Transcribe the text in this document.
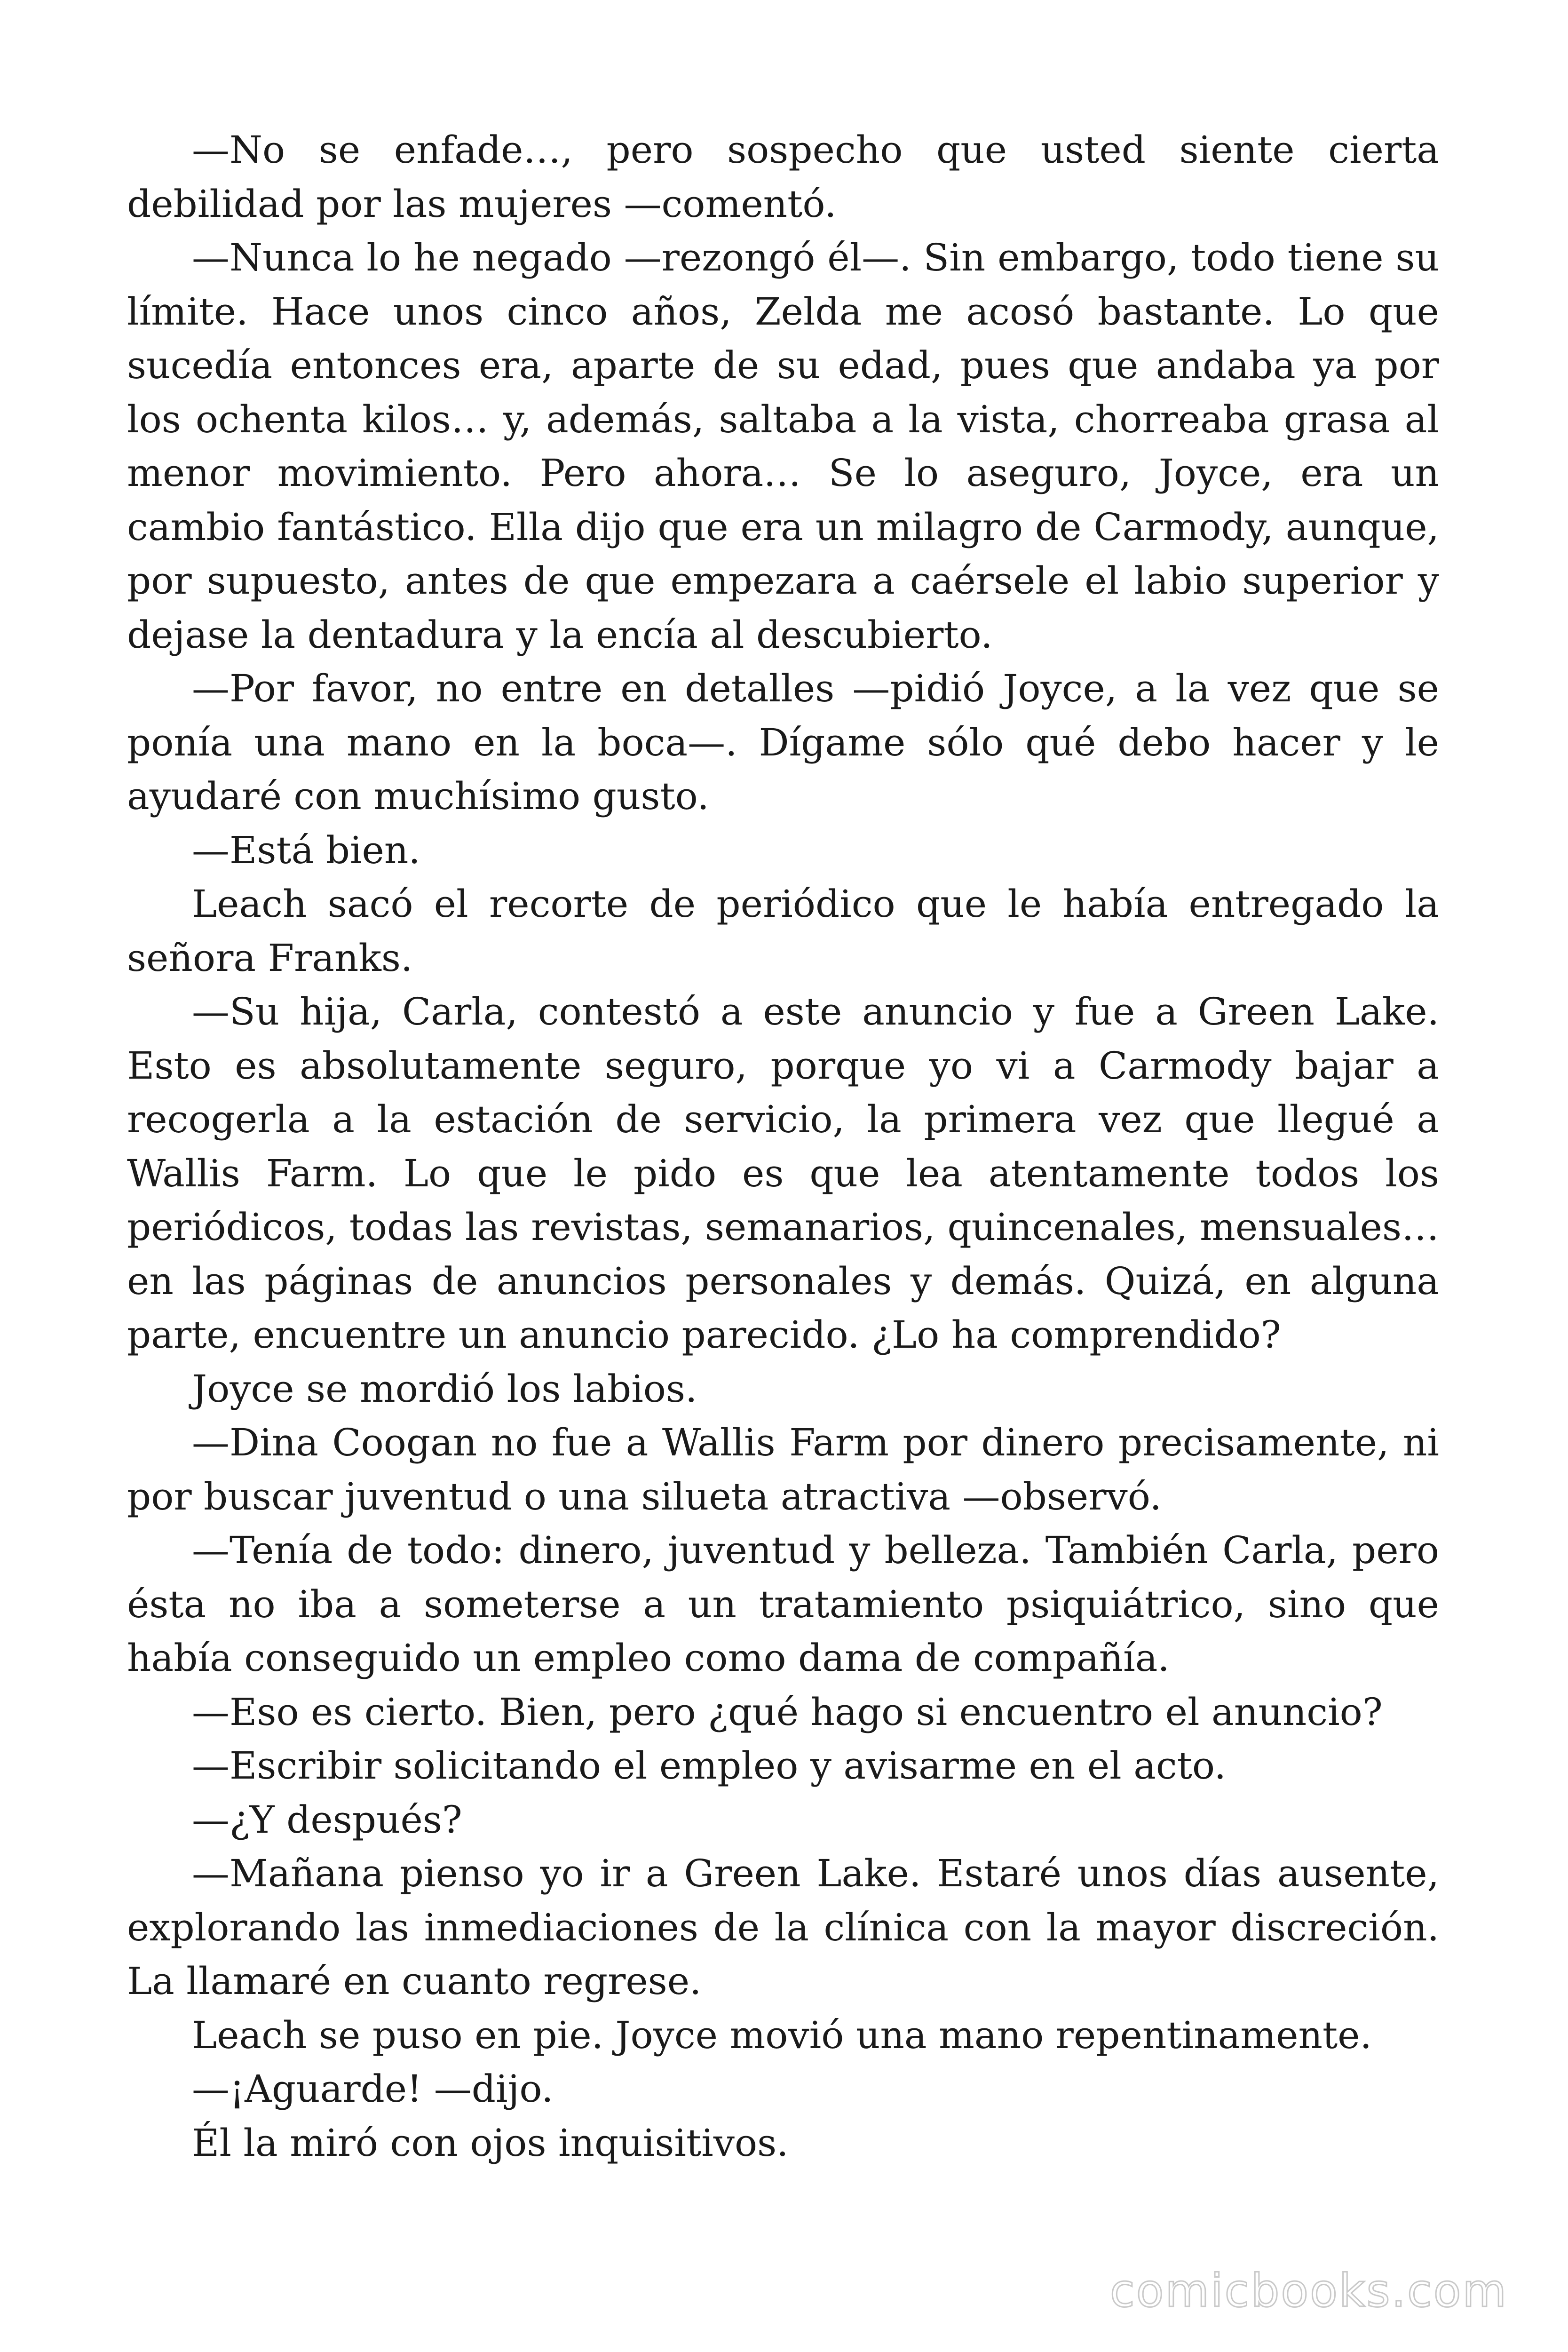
—No se enfade…, pero sospecho que usted siente cierta debilidad por las mujeres —comentó.

—Nunca lo he negado —rezongó él—. Sin embargo, todo tiene su límite. Hace unos cinco años, Zelda me acosó bastante. Lo que sucedía entonces era, aparte de su edad, pues que andaba ya por los ochenta kilos… y, además, saltaba a la vista, chorreaba grasa al menor movimiento. Pero ahora… Se lo aseguro, Joyce, era un cambio fantástico. Ella dijo que era un milagro de Carmody, aunque, por supuesto, antes de que empezara a caérsele el labio superior y dejase la dentadura y la encía al descubierto.

—Por favor, no entre en detalles —pidió Joyce, a la vez que se ponía una mano en la boca—. Dígame sólo qué debo hacer y le ayudaré con muchísimo gusto.

—Está bien.

Leach sacó el recorte de periódico que le había entregado la señora Franks.

—Su hija, Carla, contestó a este anuncio y fue a Green Lake. Esto es absolutamente seguro, porque yo vi a Carmody bajar a recogerla a la estación de servicio, la primera vez que llegué a Wallis Farm. Lo que le pido es que lea atentamente todos los periódicos, todas las revistas, semanarios, quincenales, mensuales… en las páginas de anuncios personales y demás. Quizá, en alguna parte, encuentre un anuncio parecido. ¿Lo ha comprendido?

Joyce se mordió los labios.

—Dina Coogan no fue a Wallis Farm por dinero precisamente, ni por buscar juventud o una silueta atractiva —observó.

—Tenía de todo: dinero, juventud y belleza. También Carla, pero ésta no iba a someterse a un tratamiento psiquiátrico, sino que había conseguido un empleo como dama de compañía.

—Eso es cierto. Bien, pero ¿qué hago si encuentro el anuncio?

—Escribir solicitando el empleo y avisarme en el acto.

—¿Y después?

—Mañana pienso yo ir a Green Lake. Estaré unos días ausente, explorando las inmediaciones de la clínica con la mayor discreción. La llamaré en cuanto regrese.

Leach se puso en pie. Joyce movió una mano repentinamente.

—¡Aguarde! —dijo.

Él la miró con ojos inquisitivos.

comicbooks.com
